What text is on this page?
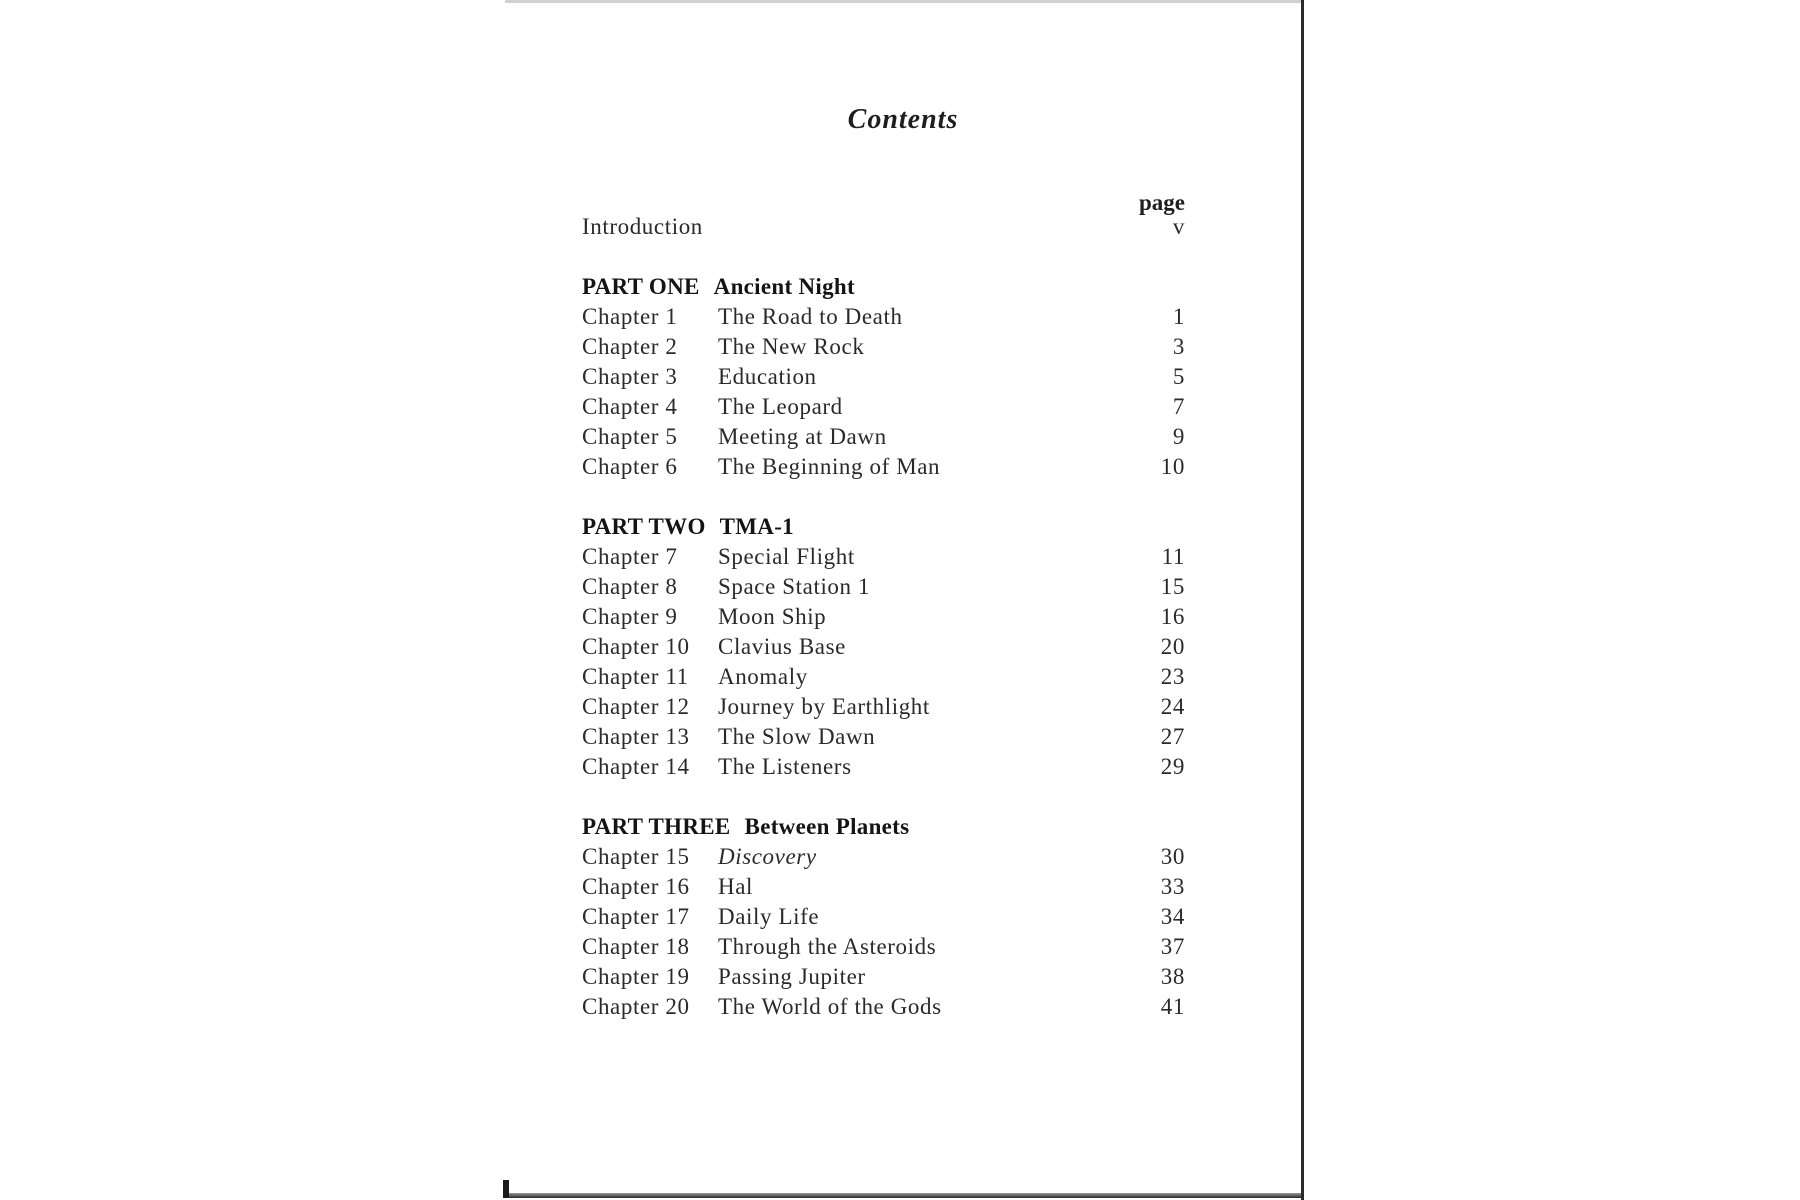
Contents
page
Introduction	v
PART ONE Ancient Night
Chapter 1	The Road to Death	1
Chapter 2	The New Rock	3
Chapter 3	Education	5
Chapter 4	The Leopard	7
Chapter 5	Meeting at Dawn	9
Chapter 6	The Beginning of Man	10
PART TWO TMA-1
Chapter 7	Special Flight	11
Chapter 8	Space Station 1	15
Chapter 9	Moon Ship	16
Chapter 10	Clavius Base	20
Chapter 11	Anomaly	23
Chapter 12	Journey by Earthlight	24
Chapter 13	The Slow Dawn	27
Chapter 14	The Listeners	29
PART THREE Between Planets
Chapter 15	Discovery	30
Chapter 16	Hal	33
Chapter 17	Daily Life	34
Chapter 18	Through the Asteroids	37
Chapter 19	Passing Jupiter	38
Chapter 20	The World of the Gods	41
